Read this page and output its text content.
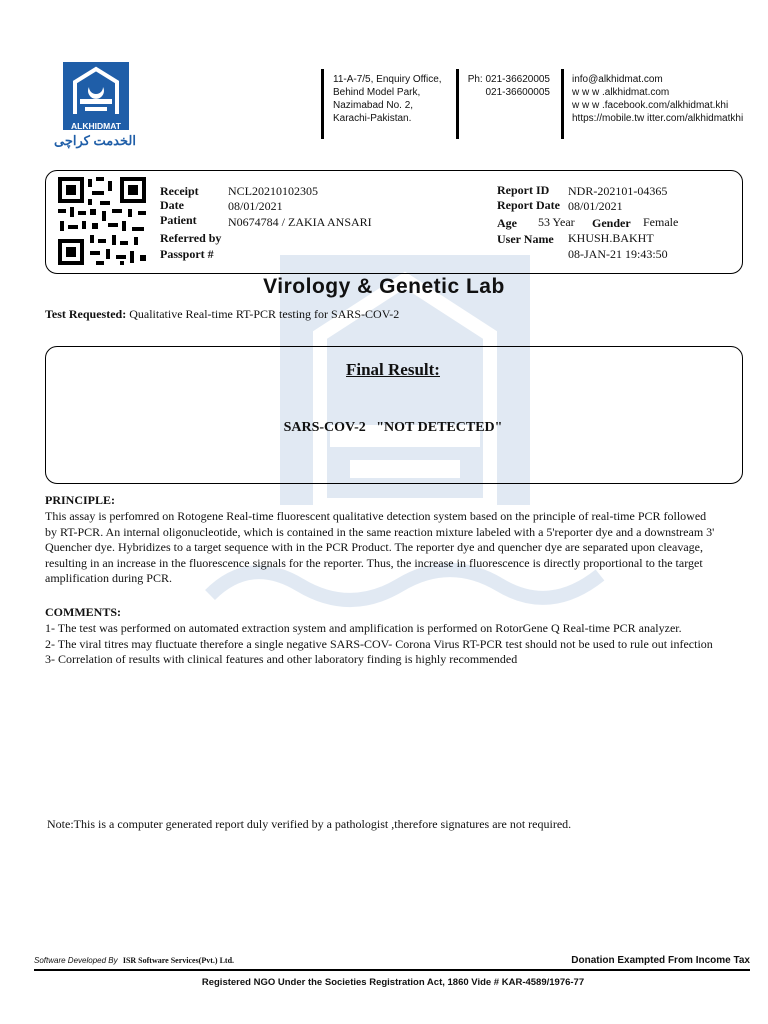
ALKHIDMAT
الخدمت کراچی
11-A-7/5, Enquiry Office,
Behind Model Park,
Nazimabad No. 2,
Karachi-Pakistan.
Ph: 021-36620005
021-36600005
info@alkhidmat.com
w w w .alkhidmat.com
w w w .facebook.com/alkhidmat.khi
https://mobile.tw itter.com/alkhidmatkhi
Receipt NCL20210102305
Date	08/01/2021
Patient	N0674784 / ZAKIA ANSARI
Referred by
Passport #
Report ID NDR-202101-04365
Report Date 08/01/2021
Age 53 Year Gender Female
User Name KHUSH.BAKHT
08-JAN-21 19:43:50
Virology & Genetic Lab
Test Requested: Qualitative Real-time RT-PCR testing for SARS-COV-2
Final Result:
SARS-COV-2   "NOT DETECTED"
PRINCIPLE:
This assay is perfomred on Rotogene Real-time fluorescent qualitative detection system based on the principle of real-time PCR followed
by RT-PCR. An internal oligonucleotide, which is contained in the same reaction mixture labeled with a 5'reporter dye and a downstream 3'
Quencher dye. Hybridizes to a target sequence with in the PCR Product. The reporter dye and quencher dye are separated upon cleavage,
resulting in an increase in the fluorescence signals for the reporter. Thus, the increase in fluorescence is directly proportional to the target
amplification during PCR.
COMMENTS:
1- The test was performed on automated extraction system and amplification is performed on RotorGene Q Real-time PCR analyzer.
2- The viral titres may fluctuate therefore a single negative SARS-COV- Corona Virus RT-PCR test should not be used to rule out infection
3- Correlation of results with clinical features and other laboratory finding is highly recommended
Note:This is a computer generated report duly verified by a pathologist ,therefore signatures are not required.
Software Developed By ISR Software Services(Pvt.) Ltd.	Donation Exampted From Income Tax
Registered NGO Under the Societies Registration Act, 1860 Vide # KAR-4589/1976-77
